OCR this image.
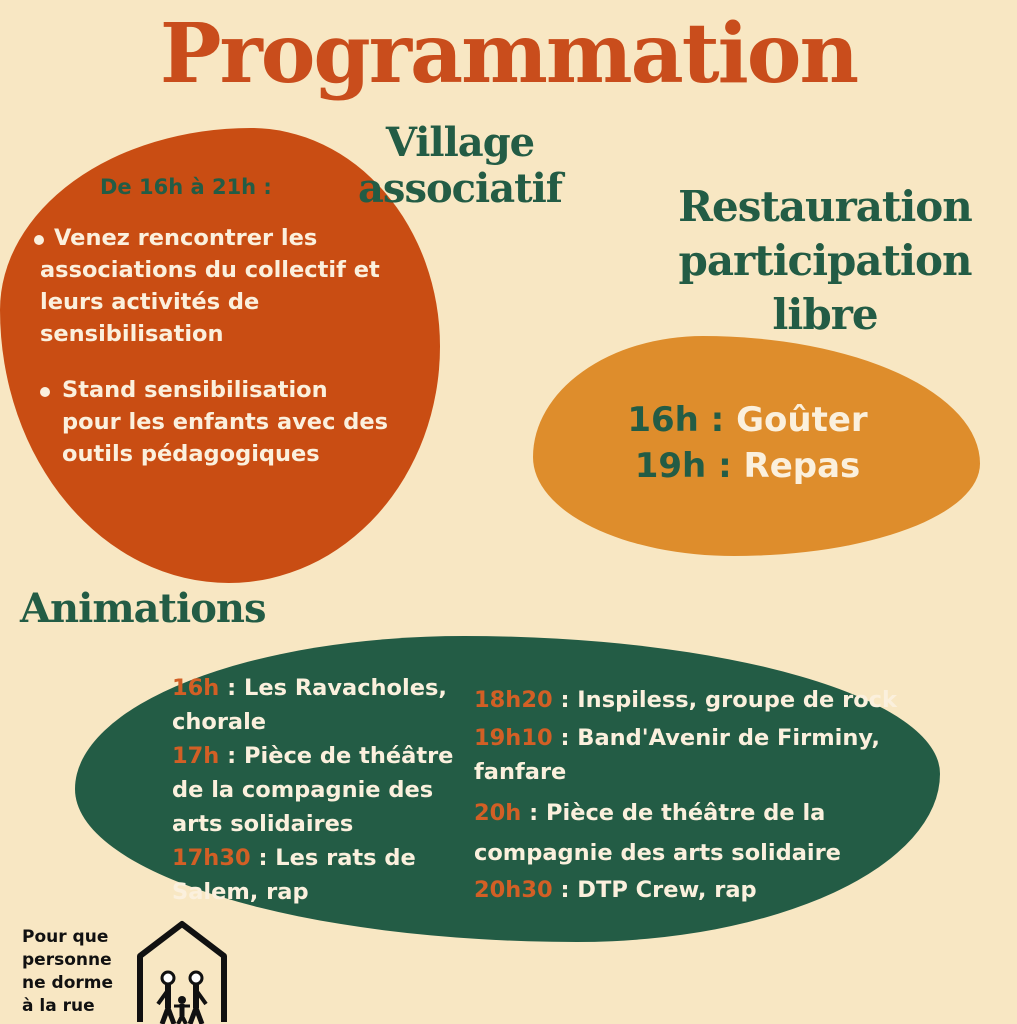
Programmation
Village
associatif
De 16h à 21h :
Venez rencontrer les associations du collectif et leurs activités de sensibilisation
Stand sensibilisation pour les enfants avec des outils pédagogiques
Restauration
participation
libre
16h : Goûter
19h : Repas
Animations

16h : Les Ravacholes, chorale

17h : Pièce de théâtre de la compagnie des arts solidaires

17h30 : Les rats de Salem, rap

18h20 : Inspiless, groupe de rock

19h10 : Band'Avenir de Firminy, fanfare

20h : Pièce de théâtre de la compagnie des arts solidaire

20h30 : DTP Crew, rap

Pour que
personne
ne dorme
à la rue
